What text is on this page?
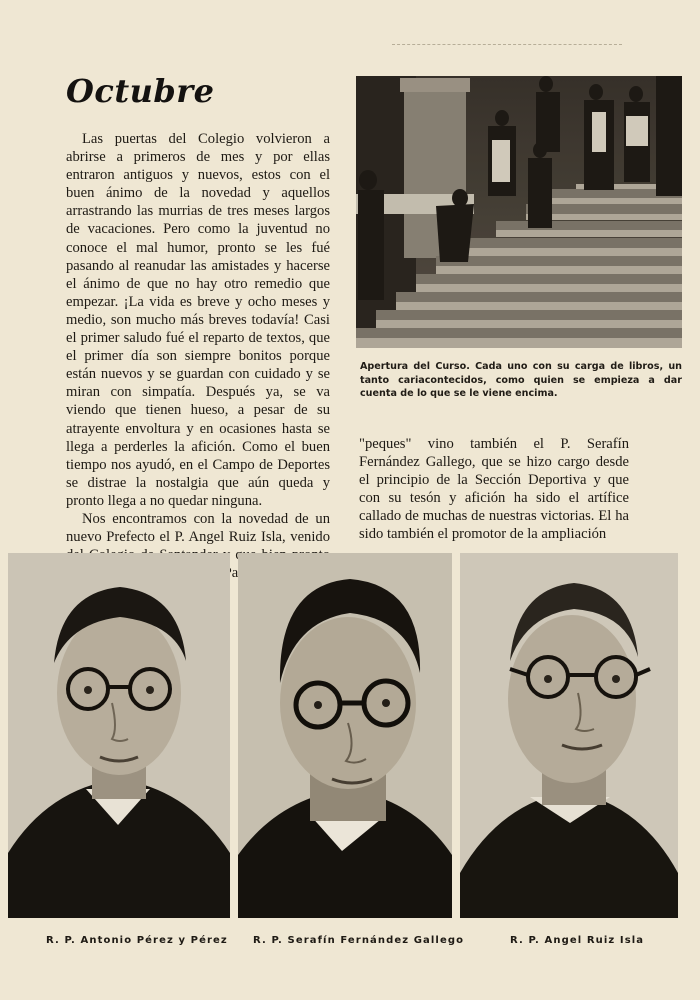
Octubre

Las puertas del Colegio volvieron a abrirse a primeros de mes y por ellas entraron antiguos y nuevos, estos con el buen ánimo de la novedad y aquellos arrastrando las murrias de tres meses largos de vacaciones. Pero como la juventud no conoce el mal humor, pronto se les fué pasando al reanudar las amistades y hacerse el ánimo de que no hay otro remedio que empezar. ¡La vida es breve y ocho meses y medio, son mucho más breves todavía! Casi el primer saludo fué el reparto de textos, que el primer día son siempre bonitos porque están nuevos y se guardan con cuidado y se miran con simpatía. Después ya, se va viendo que tienen hueso, a pesar de su atrayente envoltura y en ocasiones hasta se llega a perderles la afición. Como el buen tiempo nos ayudó, en el Campo de Deportes se distrae la nostalgia que aún queda y pronto llega a no quedar ninguna.

Nos encontramos con la novedad de un nuevo Prefecto el P. Angel Ruiz Isla, venido Para

Apertura del Curso. Cada uno con su carga de libros, un tanto cariacontecidos, como quien se empieza a dar cuenta de lo que se le viene encima.

"peques" vino también el P. Serafín Fernández Gallego, que se hizo cargo desde el principio de la Sección Deportiva y que con su tesón y afición ha sido el artífice callado de muchas de nuestras victorias. El ha sido también el promotor de la ampliación

R. P. Antonio Pérez y Pérez	R. P. Serafín Fernández Gallego	R. P. Angel Ruiz Isla
